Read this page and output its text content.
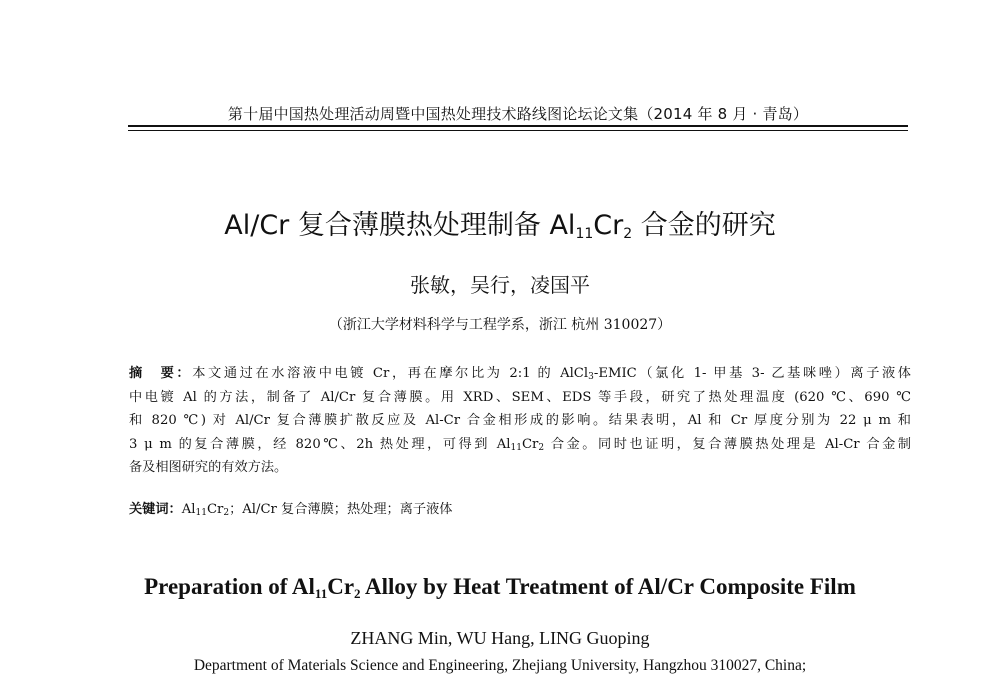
第十届中国热处理活动周暨中国热处理技术路线图论坛论文集（2014 年 8 月 · 青岛）
Al/Cr 复合薄膜热处理制备 $Al_{11}Cr_2$ 合金的研究
张敏，吴行，凌国平
（浙江大学材料科学与工程学系，浙江 杭州 310027）
摘　要：本文通过在水溶液中电镀 Cr，再在摩尔比为 2:1 的 AlCl$_3$-EMIC（氯化 1- 甲基 3- 乙基咪唑）离子液体
中电镀 Al 的方法，制备了 Al/Cr 复合薄膜。用 XRD、SEM、EDS 等手段，研究了热处理温度 (620 ℃、690 ℃
和 820 ℃) 对 Al/Cr 复合薄膜扩散反应及 Al-Cr 合金相形成的影响。结果表明，Al 和 Cr 厚度分别为 22 μ m 和
3 μ m 的复合薄膜，经 820℃、2h 热处理，可得到 $Al_{11}Cr_2$ 合金。同时也证明，复合薄膜热处理是 Al-Cr 合金制
备及相图研究的有效方法。
关键词：$Al_{11}Cr_2$；Al/Cr 复合薄膜；热处理；离子液体
Preparation of $Al_{11}Cr_2$ Alloy by Heat Treatment of Al/Cr Composite Film
ZHANG Min, WU Hang, LING Guoping
Department of Materials Science and Engineering, Zhejiang University, Hangzhou 310027, China;
